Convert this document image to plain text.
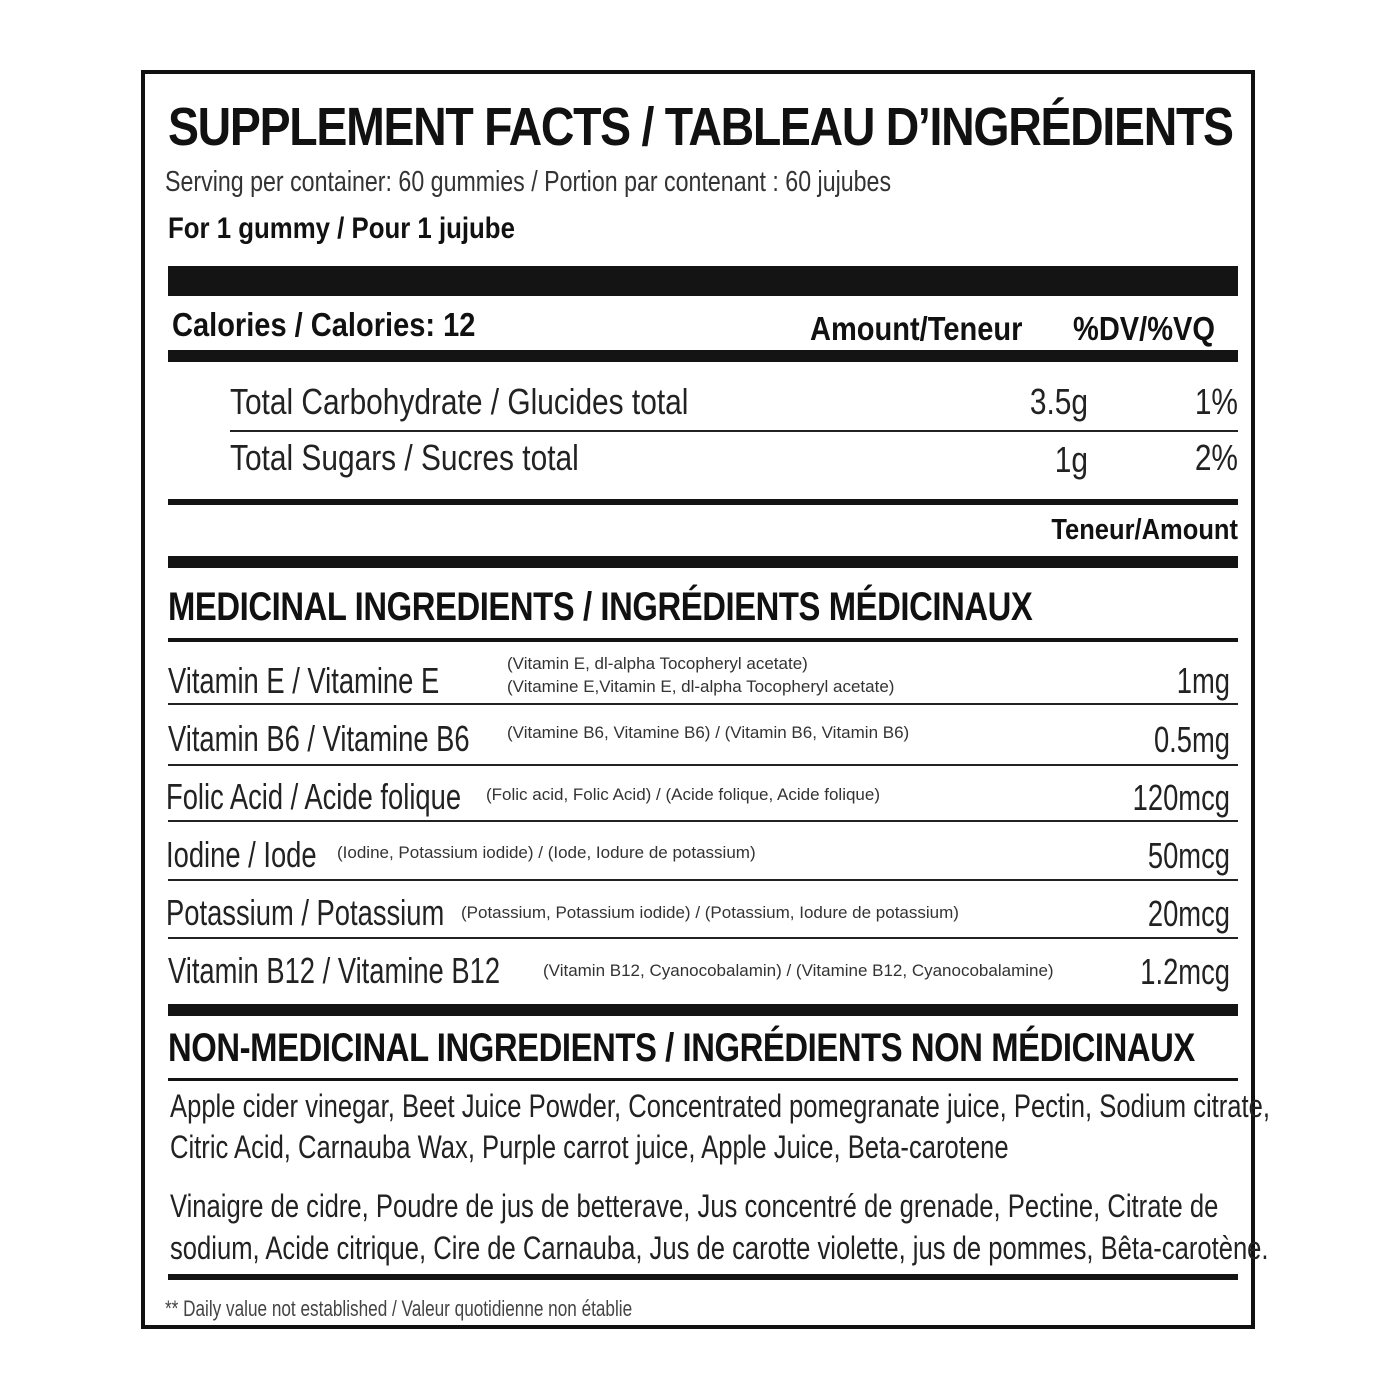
SUPPLEMENT FACTS / TABLEAU D’INGRÉDIENTS
Serving per container: 60 gummies / Portion par contenant : 60 jujubes
For 1 gummy / Pour 1 jujube
Calories / Calories: 12	Amount/Teneur %DV/%VQ
Total Carbohydrate / Glucides total	3.5g	1%
Total Sugars / Sucres total	1g	2%
Teneur/Amount
MEDICINAL INGREDIENTS / INGRÉDIENTS MÉDICINAUX
Vitamin E / Vitamine E	(Vitamin E, dl-alpha Tocopheryl acetate)
(Vitamine E,Vitamin E, dl-alpha Tocopheryl acetate)	1mg
Vitamin B6 / Vitamine B6 (Vitamine B6, Vitamine B6) / (Vitamin B6, Vitamin B6)	0.5mg
Folic Acid / Acide folique (Folic acid, Folic Acid) / (Acide folique, Acide folique)	120mcg
Iodine / Iode (Iodine, Potassium iodide) / (Iode, Iodure de potassium)	50mcg
Potassium / Potassium (Potassium, Potassium iodide) / (Potassium, Iodure de potassium)	20mcg
Vitamin B12 / Vitamine B12	(Vitamin B12, Cyanocobalamin) / (Vitamine B12, Cyanocobalamine)	1.2mcg
NON-MEDICINAL INGREDIENTS / INGRÉDIENTS NON MÉDICINAUX
Apple cider vinegar, Beet Juice Powder, Concentrated pomegranate juice, Pectin, Sodium citrate,
Citric Acid, Carnauba Wax, Purple carrot juice, Apple Juice, Beta-carotene
Vinaigre de cidre, Poudre de jus de betterave, Jus concentré de grenade, Pectine, Citrate de
sodium, Acide citrique, Cire de Carnauba, Jus de carotte violette, jus de pommes, Bêta-carotène.
** Daily value not established / Valeur quotidienne non établie
